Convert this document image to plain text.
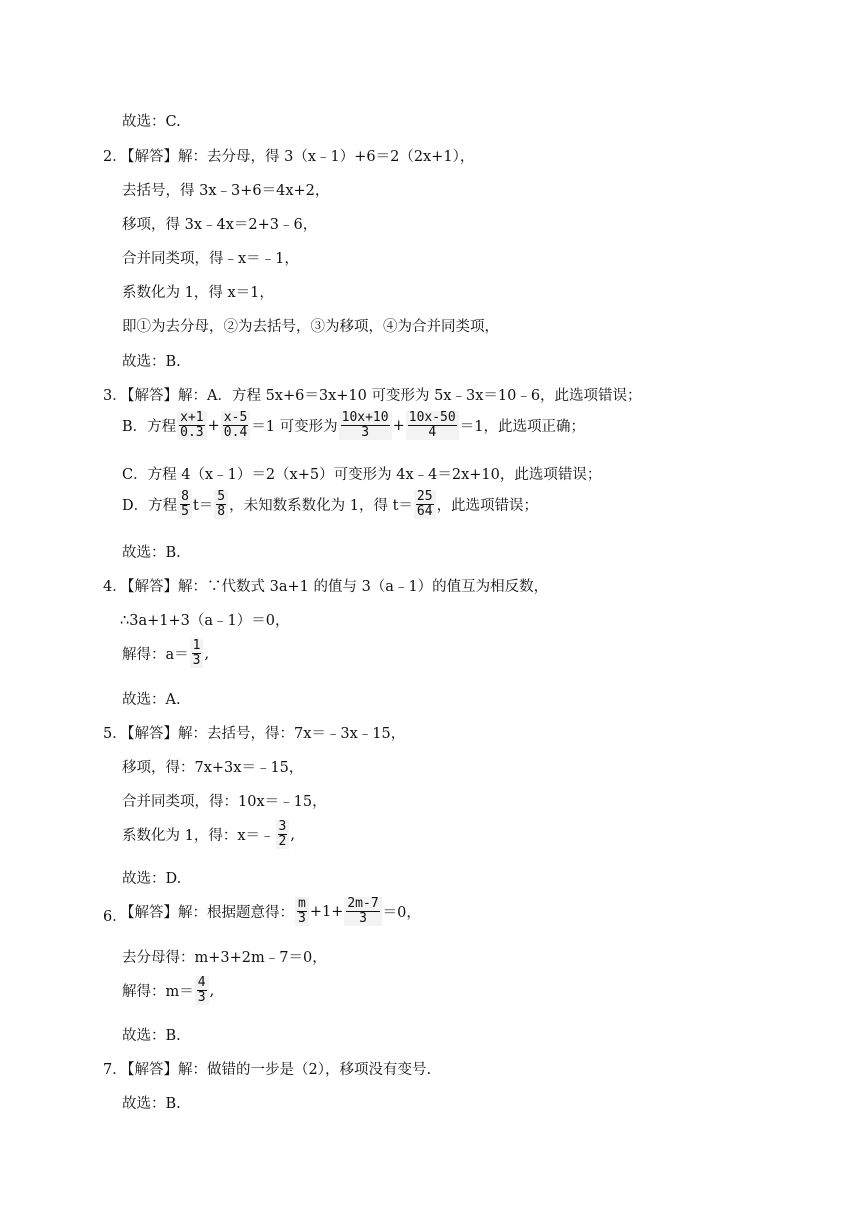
故选：C.
2．
【解答】解：去分母，得 3（x﹣1）+6＝2（2x+1），
去括号，得 3x﹣3+6＝4x+2，
移项，得 3x﹣4x＝2+3﹣6，
合并同类项，得﹣x＝﹣1，
系数化为 1，得 x＝1，
即①为去分母，②为去括号，③为移项，④为合并同类项，
故选：B.
3．
【解答】解：A．方程 5x+6＝3x+10 可变形为 5x﹣3x＝10﹣6，此选项错误；
B．方程 $\frac{x+1}{0.3} + \frac{x-5}{0.4} =1$ 可变形为 $\frac{10x+10}{3} + \frac{10x-50}{4} =1$，此选项正确；
C．方程 4（x﹣1）＝2（x+5）可变形为 4x﹣4＝2x+10，此选项错误；
D．方程 $\frac{8}{5} t= \frac{5}{8}$ ，未知数系数化为 1，得 $t= \frac{25}{64}$ ，此选项错误；
故选：B.
4．
【解答】解：∵代数式 3a+1 的值与 3（a﹣1）的值互为相反数，
∴3a+1+3（a﹣1）＝0，
解得：$a= \frac{1}{3}$ ,
故选：A.
5．
【解答】解：去括号，得：7x＝﹣3x﹣15，
移项，得：7x+3x＝﹣15，
合并同类项，得：10x＝﹣15，
系数化为 1，得：x＝﹣ $\frac{3}{2}$ ,
故选：D.
6．
【解答】解：根据题意得： $\frac{m}{3} +1+ \frac{2m-7}{3} =0$，
去分母得：m+3+2m﹣7＝0，
解得：$m= \frac{4}{3}$ ,
故选：B.
7．
【解答】解：做错的一步是（2），移项没有变号.
故选：B.
